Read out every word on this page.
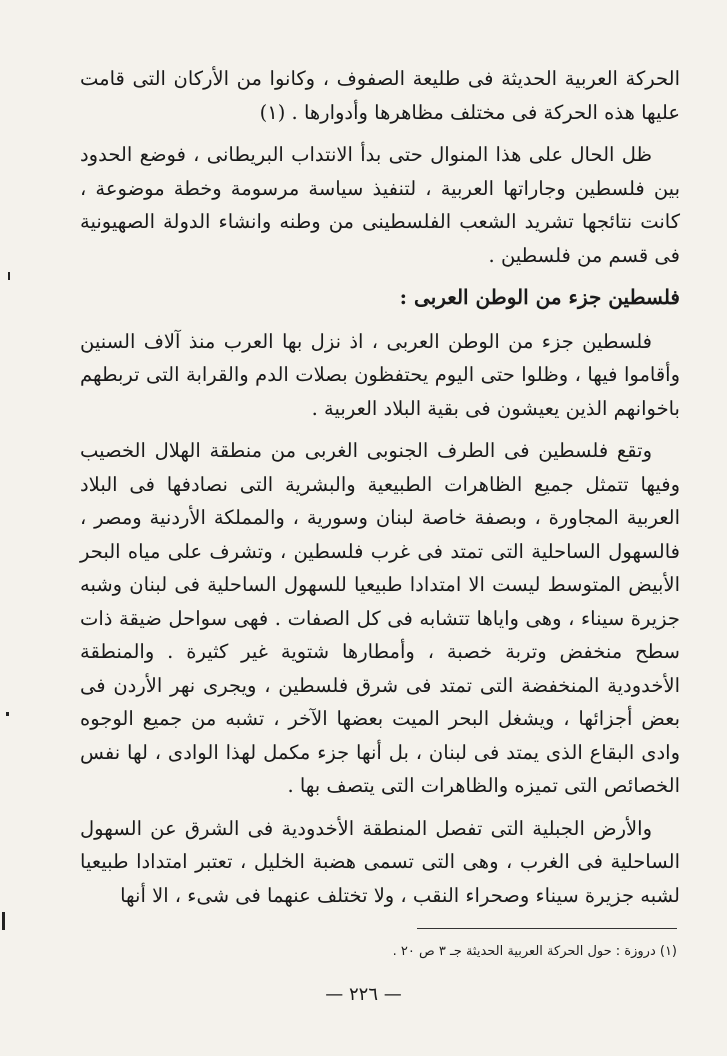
الحركة العربية الحديثة فى طليعة الصفوف ، وكانوا من الأركان التى قامت عليها هذه الحركة فى مختلف مظاهرها وأدوارها . (١)

ظل الحال على هذا المنوال حتى بدأ الانتداب البريطانى ، فوضع الحدود بين فلسطين وجاراتها العربية ، لتنفيذ سياسة مرسومة وخطة موضوعة ، كانت نتائجها تشريد الشعب الفلسطينى من وطنه وانشاء الدولة الصهيونية فى قسم من فلسطين .

فلسطين جزء من الوطن العربى :

فلسطين جزء من الوطن العربى ، اذ نزل بها العرب منذ آلاف السنين وأقاموا فيها ، وظلوا حتى اليوم يحتفظون بصلات الدم والقرابة التى تربطهم باخوانهم الذين يعيشون فى بقية البلاد العربية .

وتقع فلسطين فى الطرف الجنوبى الغربى من منطقة الهلال الخصيب وفيها تتمثل جميع الظاهرات الطبيعية والبشرية التى نصادفها فى البلاد العربية المجاورة ، وبصفة خاصة لبنان وسورية ، والمملكة الأردنية ومصر ، فالسهول الساحلية التى تمتد فى غرب فلسطين ، وتشرف على مياه البحر الأبيض المتوسط ليست الا امتدادا طبيعيا للسهول الساحلية فى لبنان وشبه جزيرة سيناء ، وهى واياها تتشابه فى كل الصفات . فهى سواحل ضيقة ذات سطح منخفض وتربة خصبة ، وأمطارها شتوية غير كثيرة . والمنطقة الأخدودية المنخفضة التى تمتد فى شرق فلسطين ، ويجرى نهر الأردن فى بعض أجزائها ، ويشغل البحر الميت بعضها الآخر ، تشبه من جميع الوجوه وادى البقاع الذى يمتد فى لبنان ، بل أنها جزء مكمل لهذا الوادى ، لها نفس الخصائص التى تميزه والظاهرات التى يتصف بها .

والأرض الجبلية التى تفصل المنطقة الأخدودية فى الشرق عن السهول الساحلية فى الغرب ، وهى التى تسمى هضبة الخليل ، تعتبر امتدادا طبيعيا لشبه جزيرة سيناء وصحراء النقب ، ولا تختلف عنهما فى شىء ، الا أنها

(١) دروزة : حول الحركة العربية الحديثة جـ ٣ ص ٢٠ .
— ٢٢٦ —
